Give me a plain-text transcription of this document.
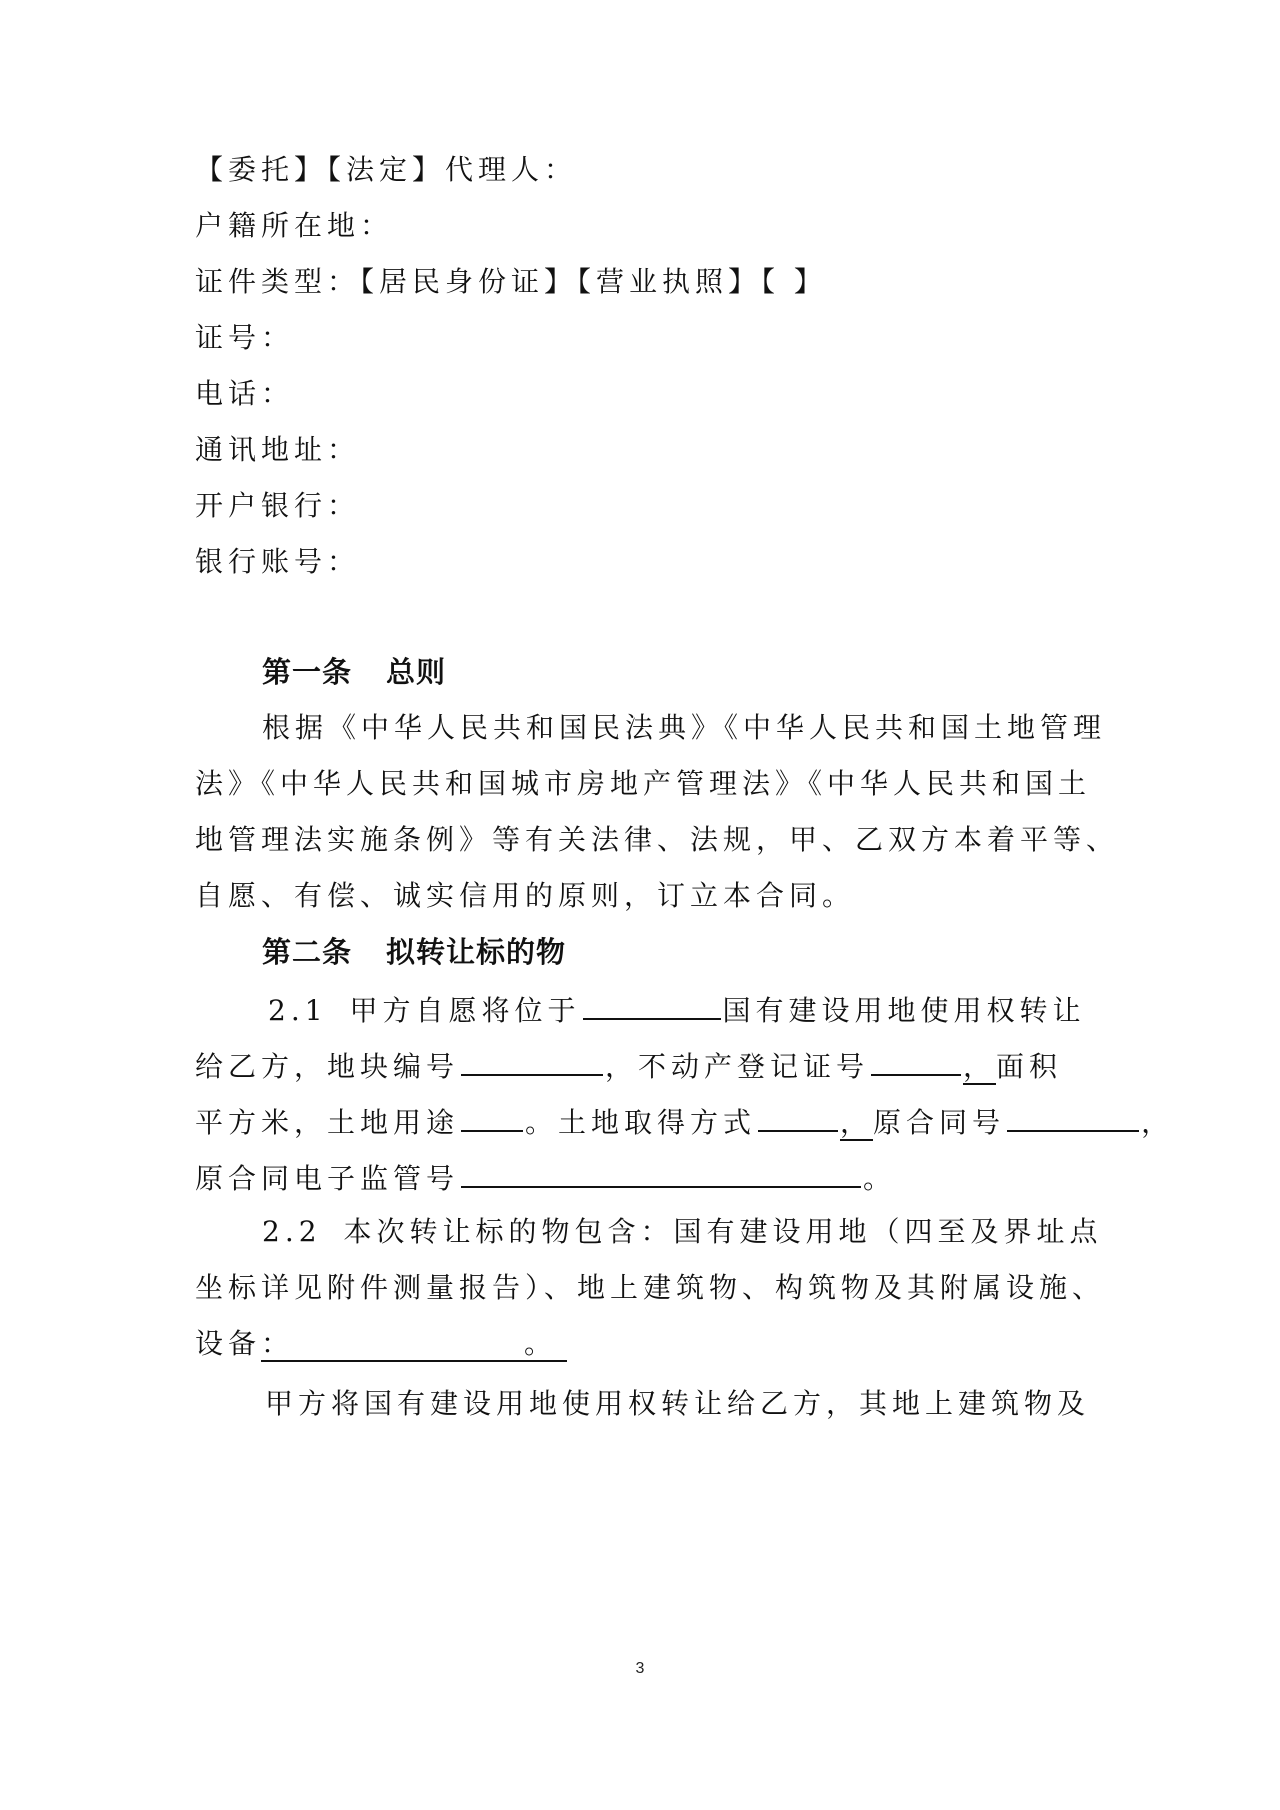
【委托】【法定】代理人：
户籍所在地：
证件类型：【居民身份证】【营业执照】【 】
证号：
电话：
通讯地址：
开户银行：
银行账号：
第一条 总则
根据《中华人民共和国民法典》《中华人民共和国土地管理
法》《中华人民共和国城市房地产管理法》《中华人民共和国土
地管理法实施条例》等有关法律、法规，甲、乙双方本着平等、
自愿、有偿、诚实信用的原则，订立本合同。
第二条 拟转让标的物
2.1 甲方自愿将位于	国有建设用地使用权转让
给乙方，地块编号	，不动产登记证号	，面积
平方米，土地用途 。土地取得方式	，原合同号	，
原合同电子监管号	。
2.2 本次转让标的物包含：国有建设用地（四至及界址点
坐标详见附件测量报告）、地上建筑物、构筑物及其附属设施、
设备：	。
甲方将国有建设用地使用权转让给乙方，其地上建筑物及
3
